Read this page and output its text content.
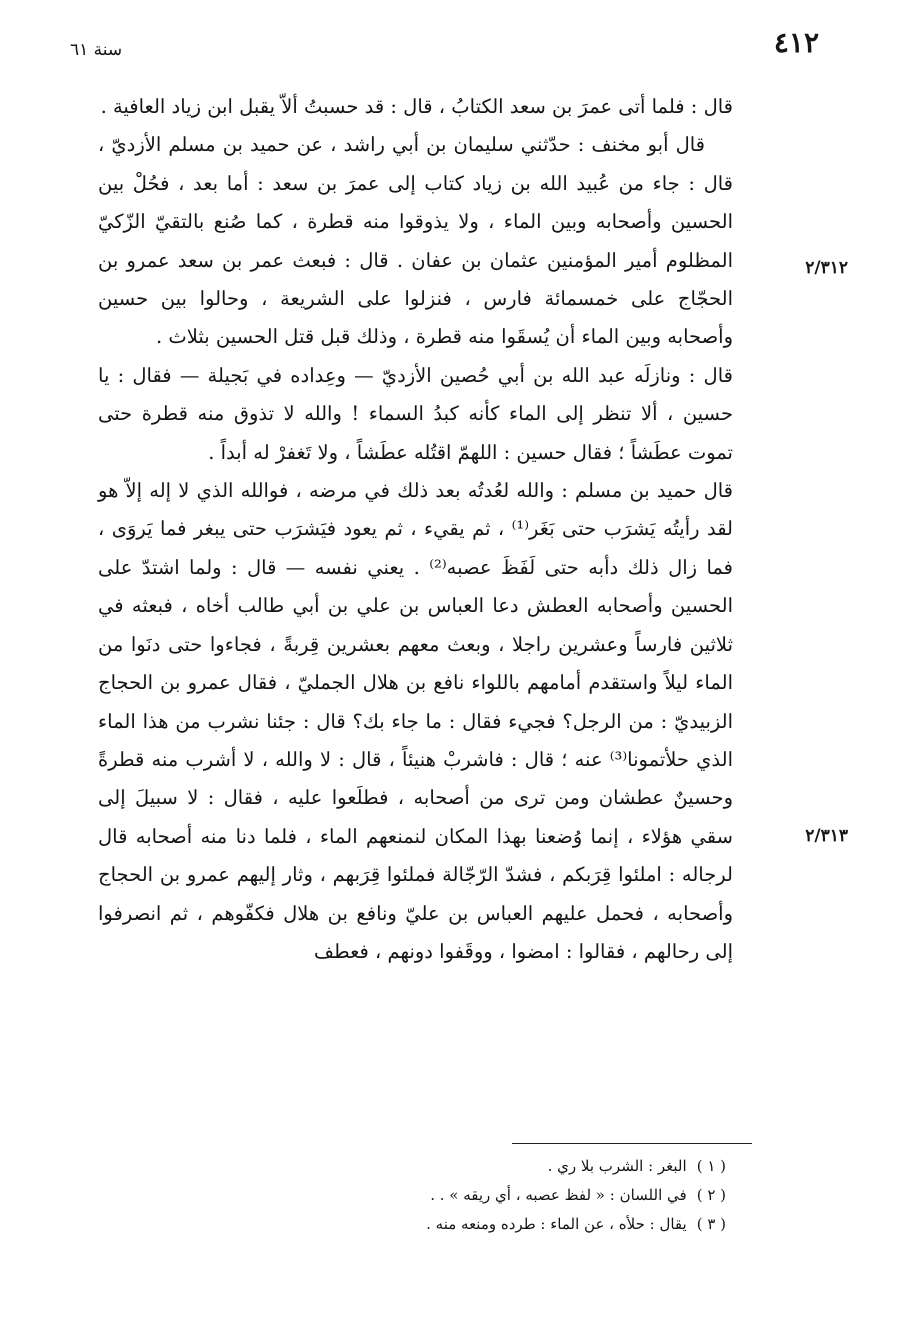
٤١٢
سنة ٦١
٢/٣١٢
٢/٣١٣

قال : فلما أتى عمرَ بن سعد الكتابُ ، قال : قد حسبتُ ألاّ يقبل ابن زياد العافية .

قال أبو مخنف : حدّثني سليمان بن أبي راشد ، عن حميد بن مسلم الأزديّ ، قال : جاء من عُبيد الله بن زياد كتاب إلى عمرَ بن سعد : أما بعد ، فحُلْ بين الحسين وأصحابه وبين الماء ، ولا يذوقوا منه قطرة ، كما صُنع بالتقيّ الزّكيّ المظلوم أمير المؤمنين عثمان بن عفان . قال : فبعث عمر بن سعد عمرو بن الحجّاج على خمسمائة فارس ، فنزلوا على الشريعة ، وحالوا بين حسين وأصحابه وبين الماء أن يُسقَوا منه قطرة ، وذلك قبل قتل الحسين بثلاث .

قال : ونازلَه عبد الله بن أبي حُصين الأزديّ — وعِداده في بَجيلة — فقال : يا حسين ، ألا تنظر إلى الماء كأنه كبدُ السماء ! والله لا تذوق منه قطرة حتى تموت عطَشاً ؛ فقال حسين : اللهمّ اقتُله عطَشاً ، ولا تَغفرْ له أبداً .

قال حميد بن مسلم : والله لعُدتُه بعد ذلك في مرضه ، فوالله الذي لا إله إلاّ هو لقد رأيتُه يَشرَب حتى بَغَر⁽¹⁾ ، ثم يقيء ، ثم يعود فيَشرَب حتى يبغر فما يَروَى ، فما زال ذلك دأبه حتى لَفَظَ عصبه⁽²⁾ . يعني نفسه — قال : ولما اشتدّ على الحسين وأصحابه العطش دعا العباس بن علي بن أبي طالب أخاه ، فبعثه في ثلاثين فارساً وعشرين راجلا ، وبعث معهم بعشرين قِربةً ، فجاءوا حتى دنَوا من الماء ليلاً واستقدم أمامهم باللواء نافع بن هلال الجمليّ ، فقال عمرو بن الحجاج الزبيديّ : من الرجل؟ فجيء فقال : ما جاء بك؟ قال : جئنا نشرب من هذا الماء الذي حلأتمونا⁽³⁾ عنه ؛ قال : فاشربْ هنيئاً ، قال : لا والله ، لا أشرب منه قطرةً وحسينٌ عطشان ومن ترى من أصحابه ، فطلَعوا عليه ، فقال : لا سبيلَ إلى سقي هؤلاء ، إنما وُضعنا بهذا المكان لنمنعهم الماء ، فلما دنا منه أصحابه قال لرجاله : املئوا قِرَبكم ، فشدّ الرّجّالة فملئوا قِرَبهم ، وثار إليهم عمرو بن الحجاج وأصحابه ، فحمل عليهم العباس بن عليّ ونافع بن هلال فكفّوهم ، ثم انصرفوا إلى رحالهم ، فقالوا : امضوا ، ووقَفوا دونهم ، فعطف

( ١ )البغر : الشرب بلا ري .

( ٢ )في اللسان : « لفظ عصبه ، أي ريقه » . .

( ٣ )يقال : حلأه ، عن الماء : طرده ومنعه منه .
